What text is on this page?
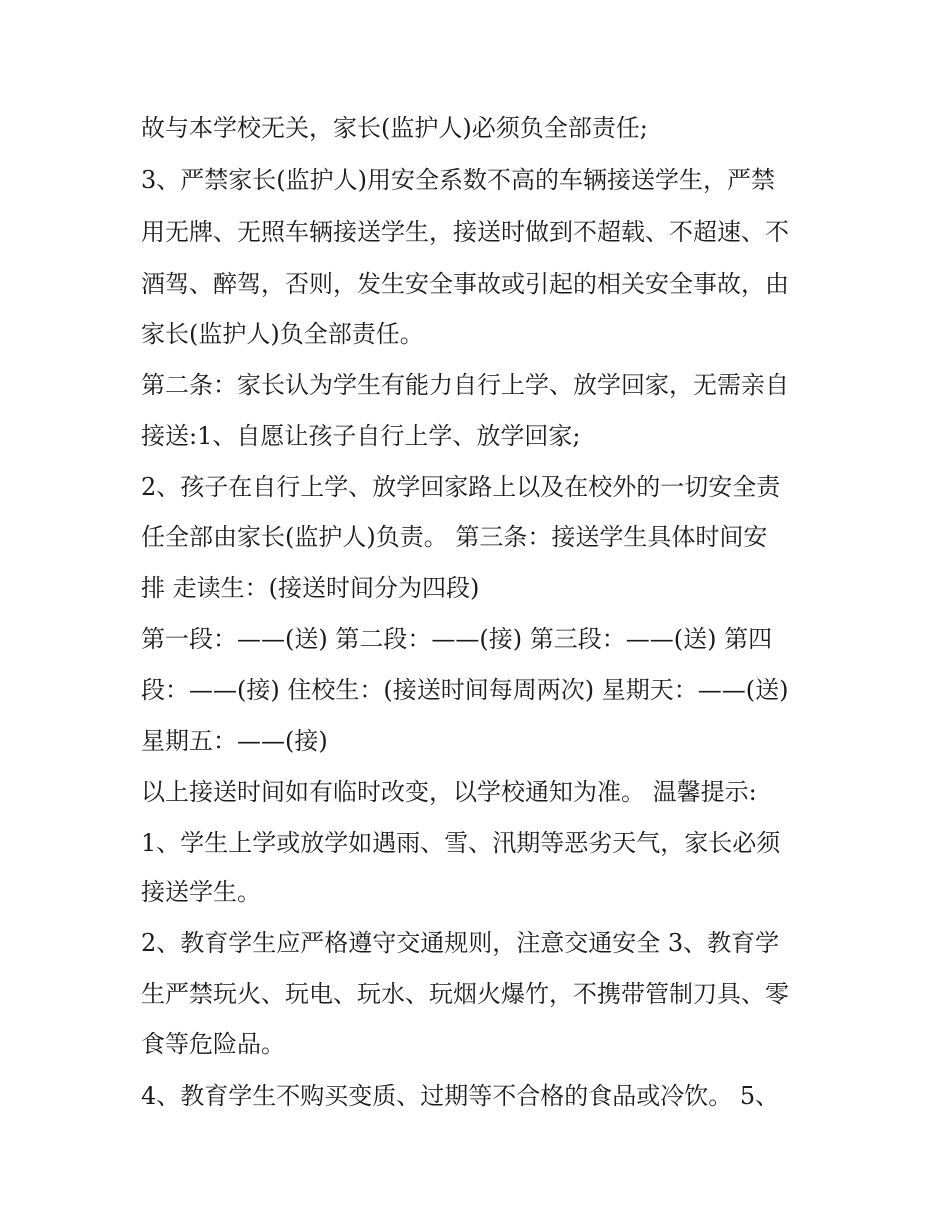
故与本学校无关，家长(监护人)必须负全部责任;
3、严禁家长(监护人)用安全系数不高的车辆接送学生，严禁
用无牌、无照车辆接送学生，接送时做到不超载、不超速、不
酒驾、醉驾，否则，发生安全事故或引起的相关安全事故，由
家长(监护人)负全部责任。
第二条：家长认为学生有能力自行上学、放学回家，无需亲自
接送:1、自愿让孩子自行上学、放学回家;
2、孩子在自行上学、放学回家路上以及在校外的一切安全责
任全部由家长(监护人)负责。 第三条：接送学生具体时间安
排 走读生：(接送时间分为四段)
第一段：——(送) 第二段：——(接) 第三段：——(送) 第四
段：——(接) 住校生：(接送时间每周两次) 星期天：——(送)
星期五：——(接)
以上接送时间如有临时改变，以学校通知为准。 温馨提示:
1、学生上学或放学如遇雨、雪、汛期等恶劣天气，家长必须
接送学生。
2、教育学生应严格遵守交通规则，注意交通安全 3、教育学
生严禁玩火、玩电、玩水、玩烟火爆竹，不携带管制刀具、零
食等危险品。
4、教育学生不购买变质、过期等不合格的食品或冷饮。 5、
